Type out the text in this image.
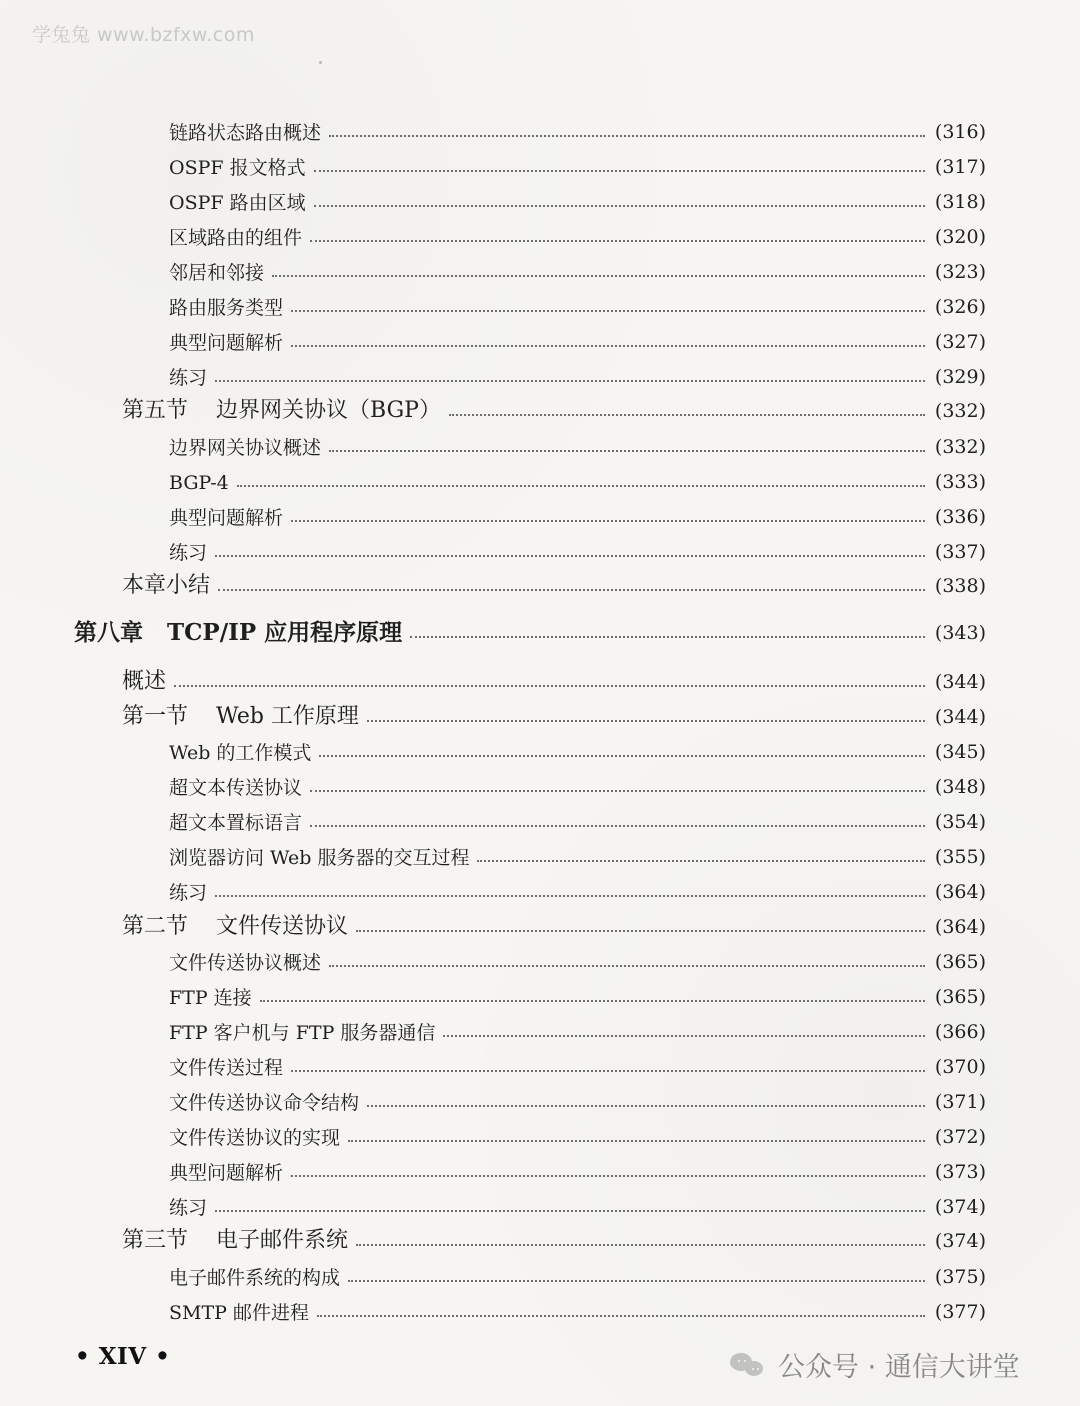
学兔兔 www.bzfxw.com
链路状态路由概述	(316)
OSPF 报文格式	(317)
OSPF 路由区域	(318)
区域路由的组件	(320)
邻居和邻接	(323)
路由服务类型	(326)
典型问题解析	(327)
练习	(329)
第五节 边界网关协议（BGP）	(332)
边界网关协议概述	(332)
BGP-4	(333)
典型问题解析	(336)
练习	(337)
本章小结	(338)
第八章 TCP/IP 应用程序原理	(343)
概述	(344)
第一节 Web 工作原理	(344)
Web 的工作模式	(345)
超文本传送协议	(348)
超文本置标语言	(354)
浏览器访问 Web 服务器的交互过程	(355)
练习	(364)
第二节 文件传送协议	(364)
文件传送协议概述	(365)
FTP 连接	(365)
FTP 客户机与 FTP 服务器通信	(366)
文件传送过程	(370)
文件传送协议命令结构	(371)
文件传送协议的实现	(372)
典型问题解析	(373)
练习	(374)
第三节 电子邮件系统	(374)
电子邮件系统的构成	(375)
SMTP 邮件进程	(377)
• XIV •	公众号 · 通信大讲堂
